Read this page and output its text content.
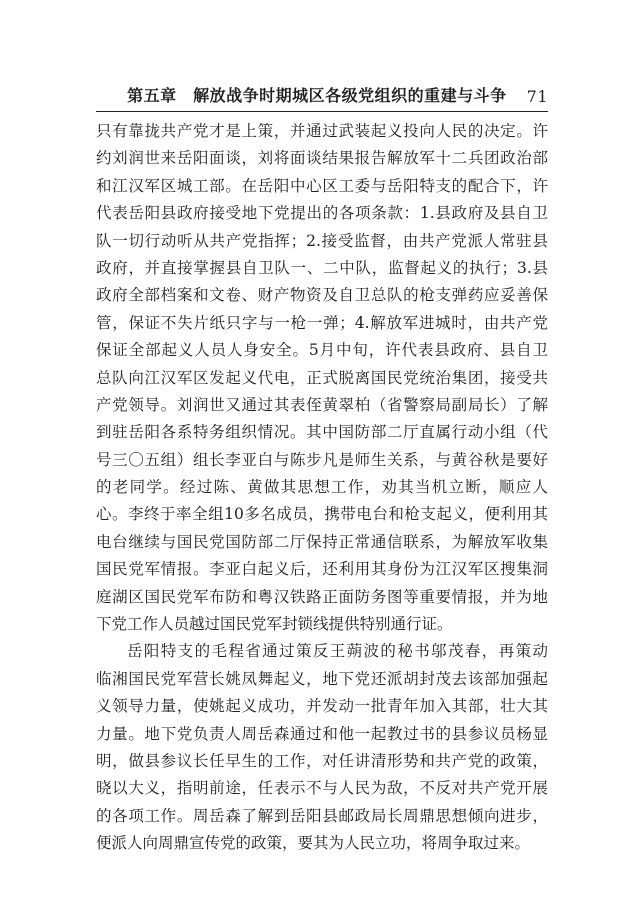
第五章　解放战争时期城区各级党组织的重建与斗争 71
只有靠拢共产党才是上策，并通过武装起义投向人民的决定。许
约刘润世来岳阳面谈，刘将面谈结果报告解放军十二兵团政治部
和江汉军区城工部。在岳阳中心区工委与岳阳特支的配合下，许
代表岳阳县政府接受地下党提出的各项条款：1.县政府及县自卫
队一切行动听从共产党指挥；2.接受监督，由共产党派人常驻县
政府，并直接掌握县自卫队一、二中队，监督起义的执行；3.县
政府全部档案和文卷、财产物资及自卫总队的枪支弹药应妥善保
管，保证不失片纸只字与一枪一弹；4.解放军进城时，由共产党
保证全部起义人员人身安全。5月中旬，许代表县政府、县自卫
总队向江汉军区发起义代电，正式脱离国民党统治集团，接受共
产党领导。刘润世又通过其表侄黄翠柏（省警察局副局长）了解
到驻岳阳各系特务组织情况。其中国防部二厅直属行动小组（代
号三〇五组）组长李亚白与陈步凡是师生关系，与黄谷秋是要好
的老同学。经过陈、黄做其思想工作，劝其当机立断，顺应人
心。李终于率全组10多名成员，携带电台和枪支起义，便利用其
电台继续与国民党国防部二厅保持正常通信联系，为解放军收集
国民党军情报。李亚白起义后，还利用其身份为江汉军区搜集洞
庭湖区国民党军布防和粤汉铁路正面防务图等重要情报，并为地
下党工作人员越过国民党军封锁线提供特别通行证。
岳阳特支的毛程省通过策反王蒴波的秘书邬茂春，再策动
临湘国民党军营长姚凤舞起义，地下党还派胡封茂去该部加强起
义领导力量，使姚起义成功，并发动一批青年加入其部，壮大其
力量。地下党负责人周岳森通过和他一起教过书的县参议员杨显
明，做县参议长任早生的工作，对任讲清形势和共产党的政策，
晓以大义，指明前途，任表示不与人民为敌，不反对共产党开展
的各项工作。周岳森了解到岳阳县邮政局长周鼎思想倾向进步，
便派人向周鼎宣传党的政策，要其为人民立功，将周争取过来。
